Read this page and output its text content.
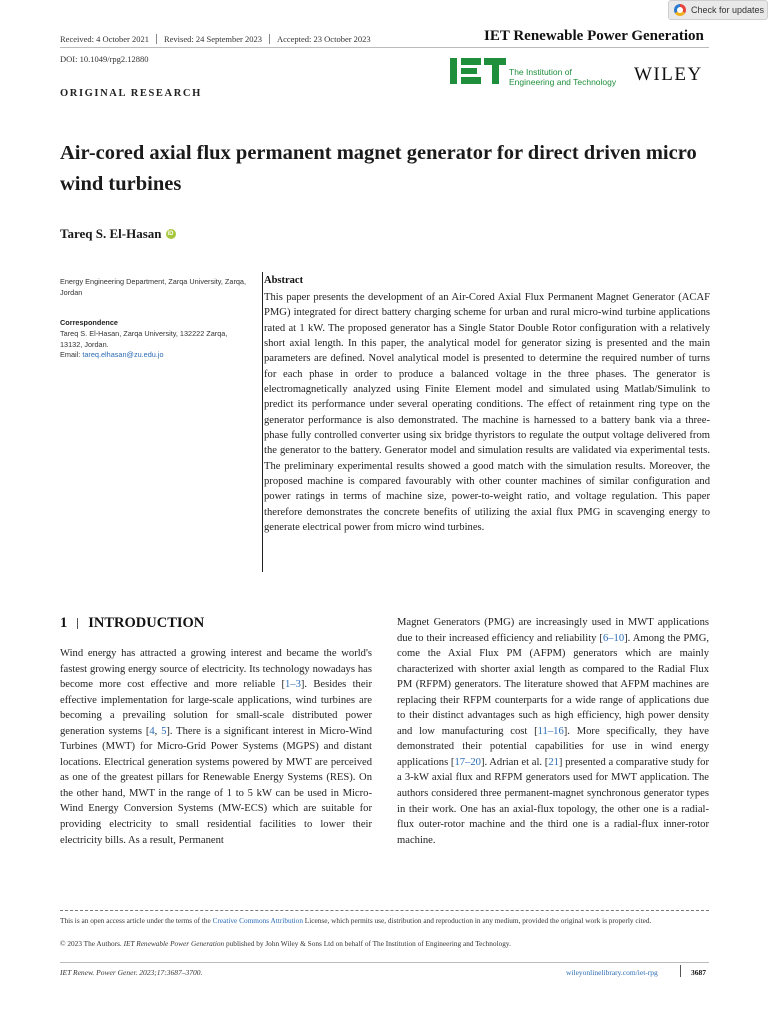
Check for updates
Received: 4 October 2021 Revised: 24 September 2023 Accepted: 23 October 2023	IET Renewable Power Generation
DOI: 10.1049/rpg2.12880
The Institution of
Engineering and Technology WILEY
ORIGINAL RESEARCH
Air-cored axial flux permanent magnet generator for direct driven micro wind turbines
Tareq S. El-Hasan	iD
Energy Engineering Department, Zarqa University, Zarqa, Jordan
Correspondence
Tareq S. El-Hasan, Zarqa University, 132222 Zarqa, 13132, Jordan.
Email: tareq.elhasan@zu.edu.jo
Abstract
This paper presents the development of an Air-Cored Axial Flux Permanent Magnet Generator (ACAF PMG) integrated for direct battery charging scheme for urban and rural micro-wind turbine applications rated at 1 kW. The proposed generator has a Single Stator Double Rotor configuration with a relatively short axial length. In this paper, the analytical model for generator sizing is presented and the main parameters are defined. Novel analytical model is presented to determine the required number of turns for each phase in order to produce a balanced voltage in the three phases. The generator is electromagnetically analyzed using Finite Element model and simulated using Matlab/Simulink to predict its performance under several operating conditions. The effect of retainment ring type on the generator performance is also demonstrated. The machine is harnessed to a battery bank via a three-phase fully controlled converter using six bridge thyristors to regulate the output voltage delivered from the generator to the battery. Generator model and simulation results are validated via experimental tests. The preliminary experimental results showed a good match with the simulation results. Moreover, the proposed machine is compared favourably with other counter machines of similar configuration and power ratings in terms of machine size, power-to-weight ratio, and voltage regulation. This paper therefore demonstrates the concrete benefits of utilizing the axial flux PMG in scavenging energy to generate electrical power from micro wind turbines.
1 INTRODUCTION
Wind energy has attracted a growing interest and became the world's fastest growing energy source of electricity. Its technology nowadays has become more cost effective and more reliable [1–3]. Besides their effective implementation for large-scale applications, wind turbines are becoming a prevailing solution for small-scale distributed power generation systems [4, 5]. There is a significant interest in Micro-Wind Turbines (MWT) for Micro-Grid Power Systems (MGPS) and distant locations. Electrical generation systems powered by MWT are perceived as one of the greatest pillars for Renewable Energy Systems (RES). On the other hand, MWT in the range of 1 to 5 kW can be used in Micro-Wind Energy Conversion Systems (MW-ECS) which are suitable for providing electricity to small residential facilities to lower their electricity bills. As a result, Permanent
Magnet Generators (PMG) are increasingly used in MWT applications due to their increased efficiency and reliability [6–10]. Among the PMG, come the Axial Flux PM (AFPM) generators which are mainly characterized with shorter axial length as compared to the Radial Flux PM (RFPM) generators. The literature showed that AFPM machines are replacing their RFPM counterparts for a wide range of applications due to their distinct advantages such as high efficiency, high power density and low manufacturing cost [11–16]. More specifically, they have demonstrated their potential capabilities for use in wind energy applications [17–20]. Adrian et al. [21] presented a comparative study for a 3-kW axial flux and RFPM generators used for MWT application. The authors considered three permanent-magnet synchronous generator types in their work. One has an axial-flux topology, the other one is a radial-flux outer-rotor machine and the third one is a radial-flux inner-rotor machine.
This is an open access article under the terms of the Creative Commons Attribution License, which permits use, distribution and reproduction in any medium, provided the original work is properly cited.
© 2023 The Authors. IET Renewable Power Generation published by John Wiley & Sons Ltd on behalf of The Institution of Engineering and Technology.
IET Renew. Power Gener. 2023;17:3687–3700.	wileyonlinelibrary.com/iet-rpg	3687
